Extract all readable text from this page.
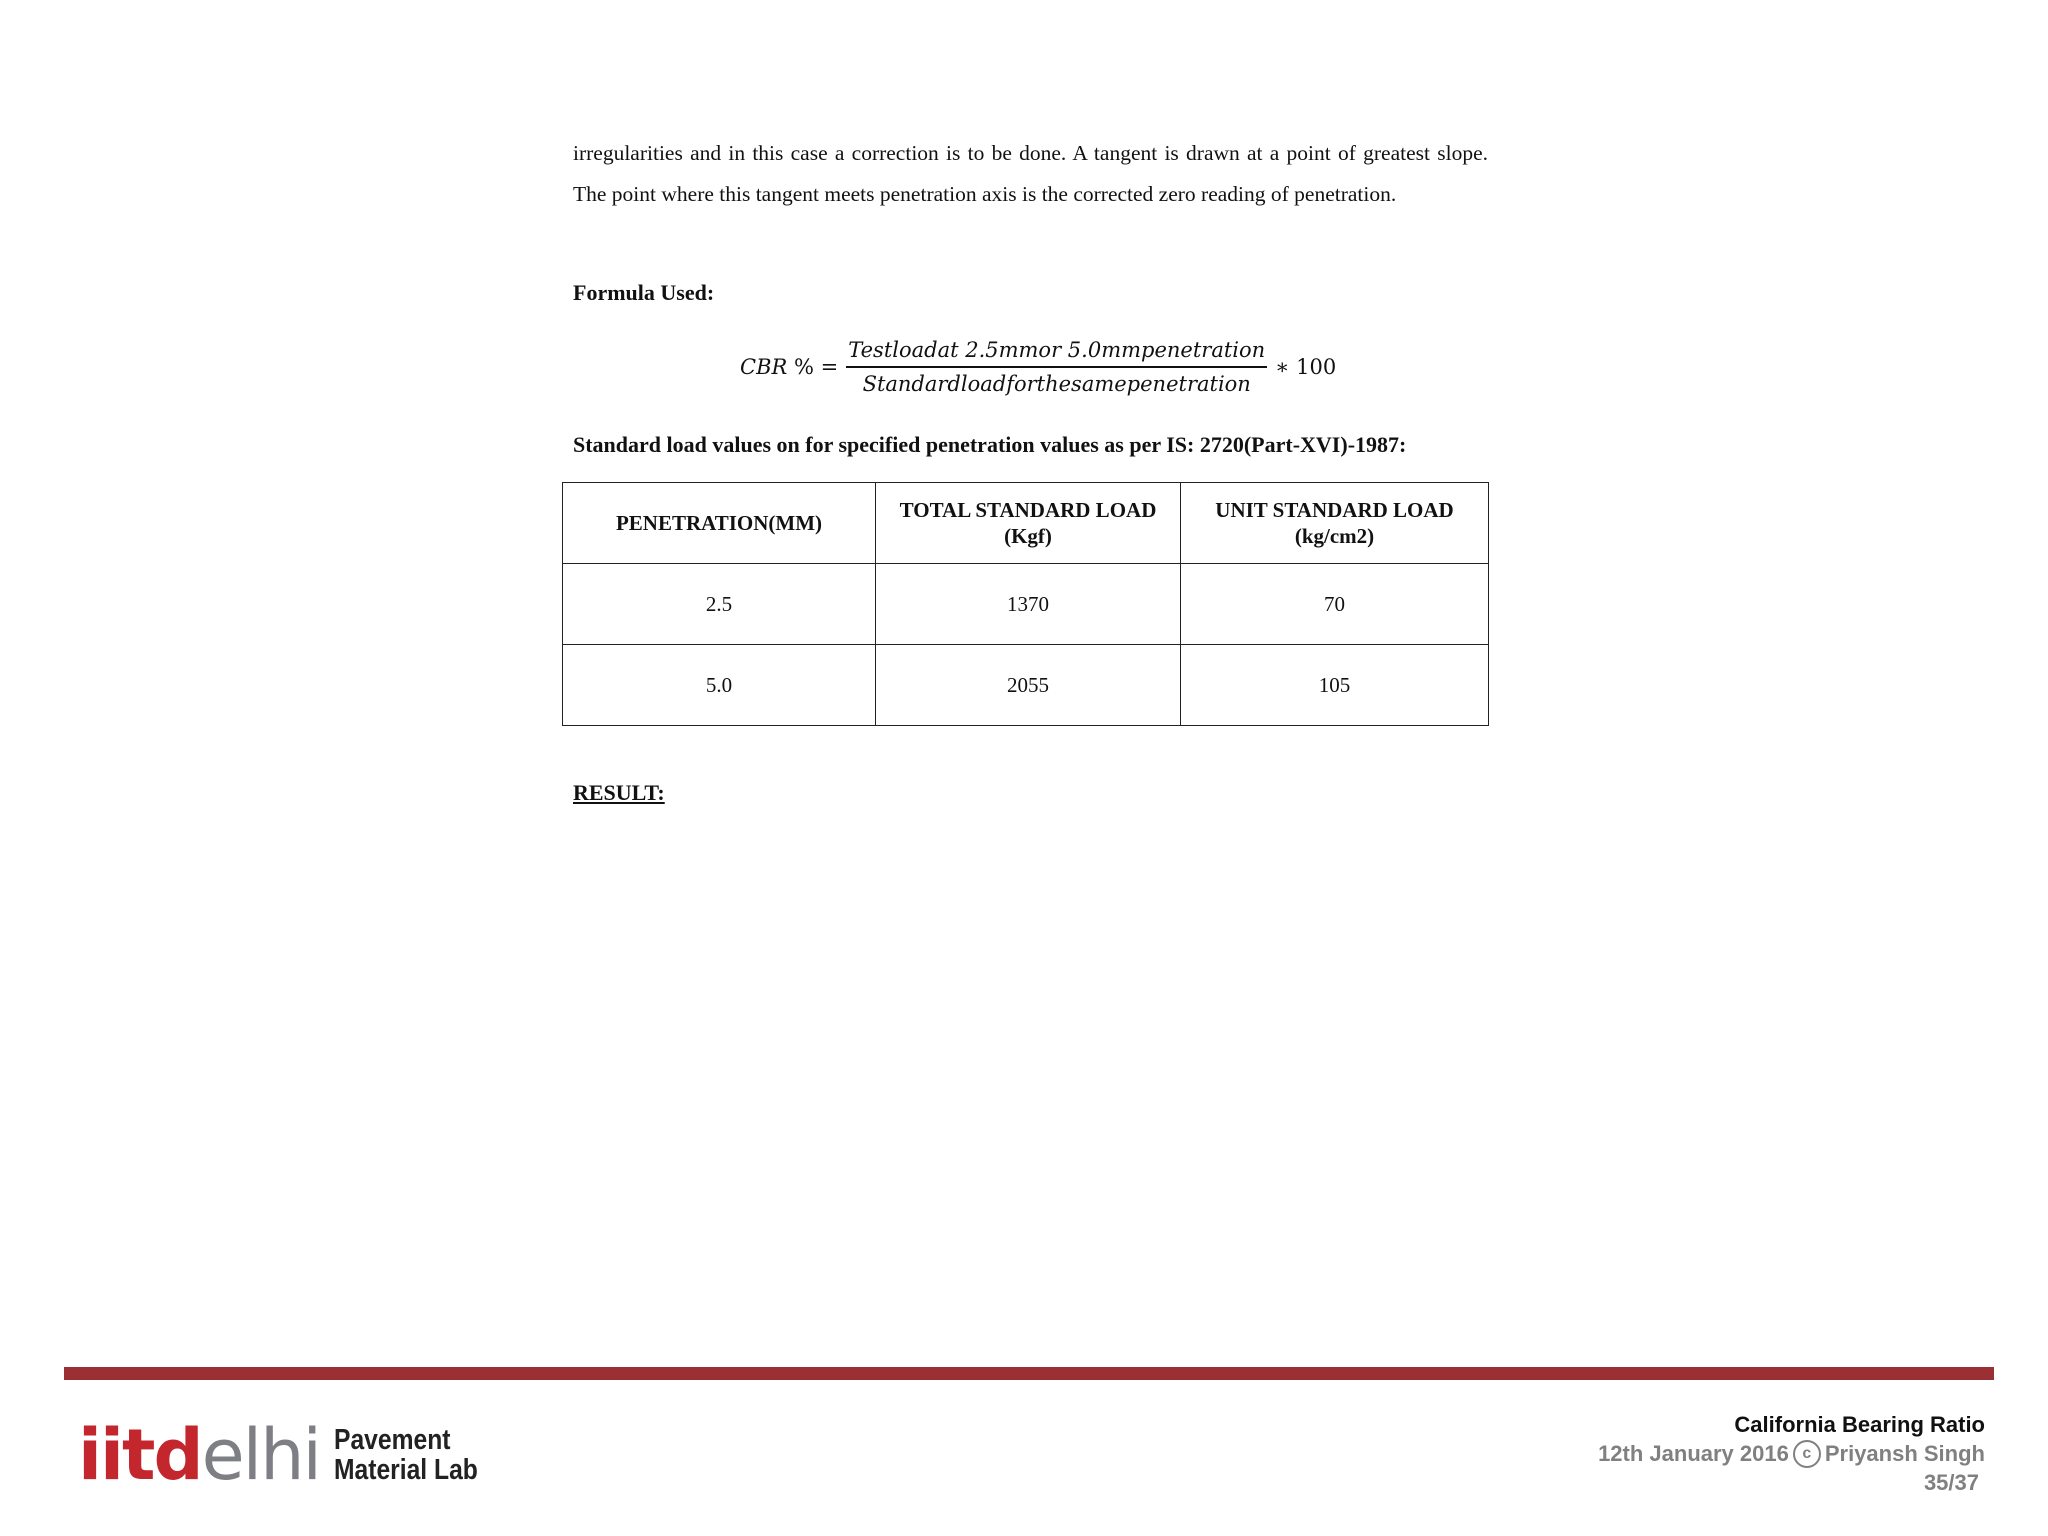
irregularities and in this case a correction is to be done. A tangent is drawn at a point of greatest slope. The point where this tangent meets penetration axis is the corrected zero reading of penetration.

Formula Used:
CBR % = $\frac{\text{Testloadat 2.5mmor 5.0mmpenetration}}{\text{Standardloadforthesamepenetration}}$ ∗ 100
Standard load values on for specified penetration values as per IS: 2720(Part-XVI)-1987:
PENETRATION(MM)	TOTAL STANDARD LOAD (Kgf)	UNIT STANDARD LOAD (kg/cm2)
2.5	1370	70
5.0	2055	105
RESULT:
iitdelhi Pavement
Material Lab
California Bearing Ratio
12th January 2016 c Priyansh Singh
35/37
